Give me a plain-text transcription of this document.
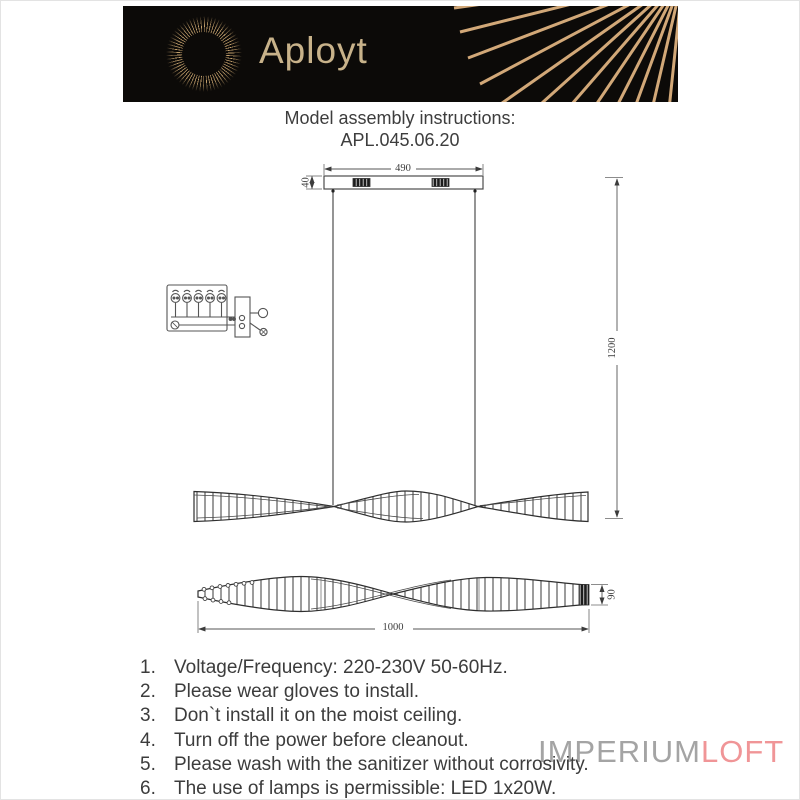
Aployt
Model assembly instructions:
APL.045.06.20
490
40
1200
1000
90
1. Voltage/Frequency: 220-230V 50-60Hz.
2. Please wear gloves to install.
3. Don`t install it on the moist ceiling.
4. Turn off the power before cleanout.
5. Please wash with the sanitizer without corrosivity.
6. The use of lamps is permissible: LED 1x20W.
IMPERIUMLOFT
